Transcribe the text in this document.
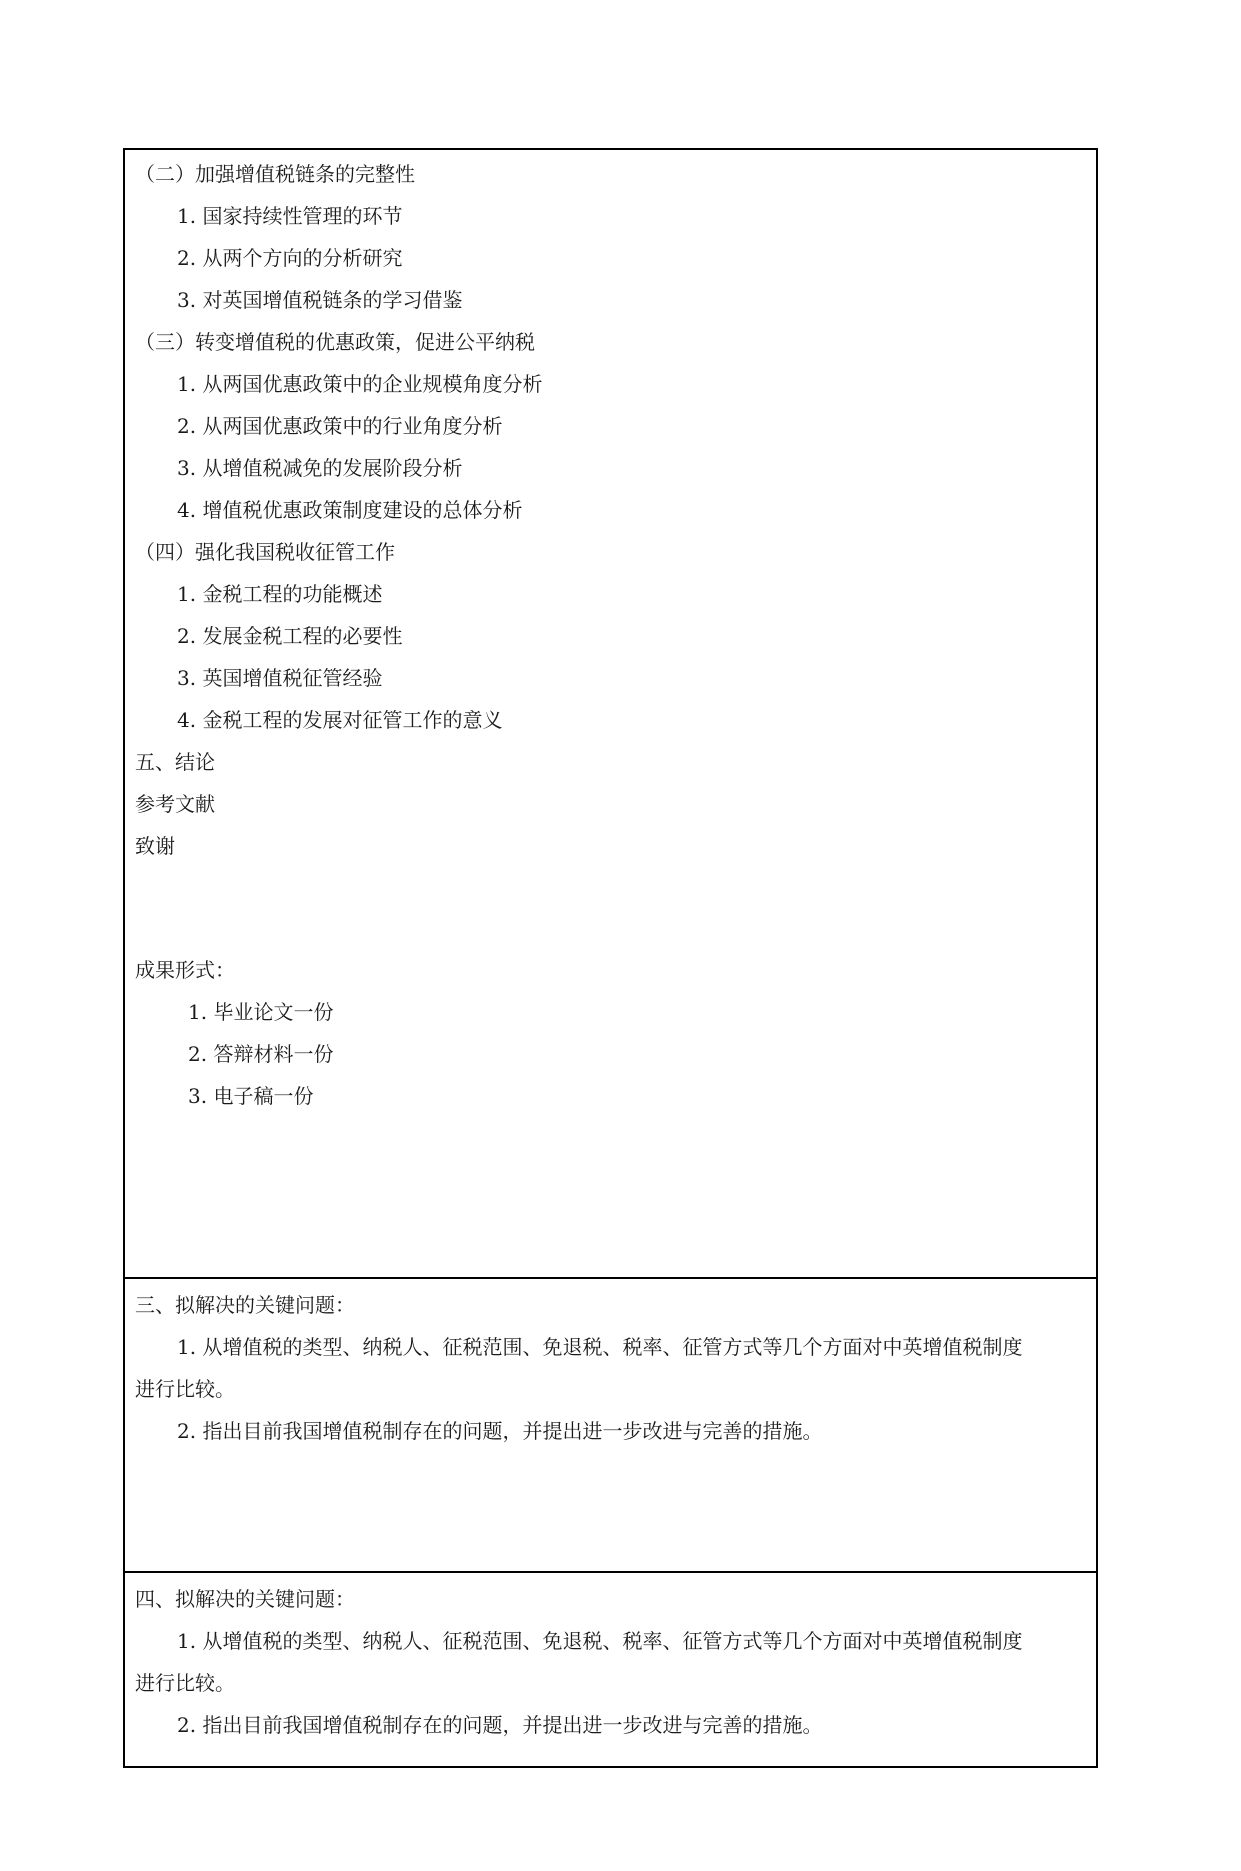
（二）加强增值税链条的完整性
1. 国家持续性管理的环节
2. 从两个方向的分析研究
3. 对英国增值税链条的学习借鉴
（三）转变增值税的优惠政策，促进公平纳税
1. 从两国优惠政策中的企业规模角度分析
2. 从两国优惠政策中的行业角度分析
3. 从增值税减免的发展阶段分析
4. 增值税优惠政策制度建设的总体分析
（四）强化我国税收征管工作
1. 金税工程的功能概述
2. 发展金税工程的必要性
3. 英国增值税征管经验
4. 金税工程的发展对征管工作的意义
五、结论
参考文献
致谢
成果形式：
1. 毕业论文一份
2. 答辩材料一份
3. 电子稿一份
三、拟解决的关键问题：
1. 从增值税的类型、纳税人、征税范围、免退税、税率、征管方式等几个方面对中英增值税制度
进行比较。
2. 指出目前我国增值税制存在的问题，并提出进一步改进与完善的措施。
四、拟解决的关键问题：
1. 从增值税的类型、纳税人、征税范围、免退税、税率、征管方式等几个方面对中英增值税制度
进行比较。
2. 指出目前我国增值税制存在的问题，并提出进一步改进与完善的措施。
